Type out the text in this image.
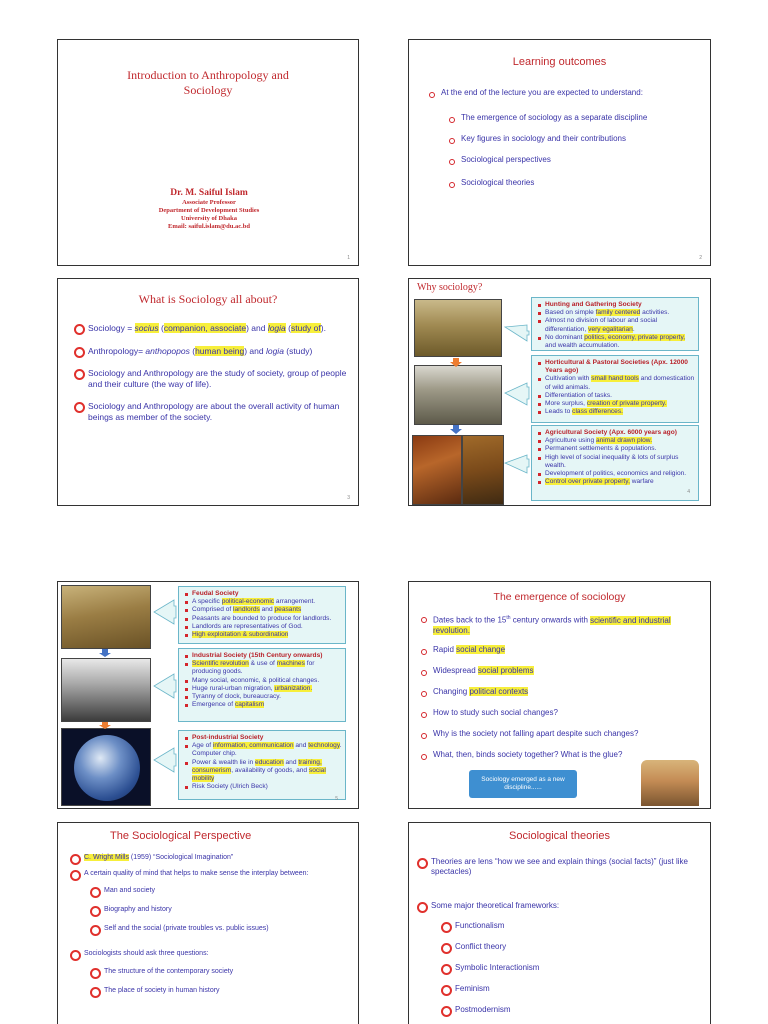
Introduction to Anthropology and Sociology
Dr. M. Saiful Islam
Associate Professor
Department of Development Studies
University of Dhaka
Email: saiful.islam@du.ac.bd
1
Learning outcomes
At the end of the lecture you are expected to understand:
The emergence of sociology as a separate discipline
Key figures in sociology and their contributions
Sociological perspectives
Sociological theories
2
What is Sociology all about?
Sociology = socius (companion, associate) and logia (study of).
Anthropology= anthopopos (human being) and logia (study)
Sociology and Anthropology are the study of society, group of people and their culture (the way of life).
Sociology and Anthropology are about the overall activity of human beings as member of the society.
3
Why sociology?
Hunting and Gathering Society
Based on simple family centered activities.
Almost no division of labour and social differentiation, very egalitarian.
No dominant politics, economy, private property, and wealth accumulation.
Horticultural & Pastoral Societies (Apx. 12000 Years ago)
Cultivation with small hand tools and domestication of wild animals.
Differentiation of tasks.
More surplus, creation of private property.
Leads to class differences.
Agricultural Society (Apx. 6000 years ago)
Agriculture using animal drawn plow.
Permanent settlements & populations.
High level of social inequality & lots of surplus wealth.
Development of politics, economics and religion.
Control over private property, warfare
4
Feudal Society
A specific political-economic arrangement.
Comprised of landlords and peasants
Peasants are bounded to produce for landlords.
Landlords are representatives of God.
High exploitation & subordination
Industrial Society (15th Century onwards)
Scientific revolution & use of machines for producing goods.
Many social, economic, & political changes.
Huge rural-urban migration, urbanization.
Tyranny of clock, bureaucracy.
Emergence of capitalism
Post-industrial Society
Age of information, communication and technology. Computer chip.
Power & wealth lie in education and training, consumerism, availability of goods, and social mobility
Risk Society (Ulrich Beck)
5
The emergence of sociology
Dates back to the 15th century onwards with scientific and industrial revolution.
Rapid social change
Widespread social problems
Changing political contexts
How to study such social changes?
Why is the society not falling apart despite such changes?
What, then, binds society together? What is the glue?
Sociology emerged as a new discipline......
The Sociological Perspective
C. Wright Mills (1959) “Sociological Imagination”
A certain quality of mind that helps to make sense the interplay between:
Man and society
Biography and history
Self and the social (private troubles vs. public issues)
Sociologists should ask three questions:
The structure of the contemporary society
The place of society in human history
Sociological theories
Theories are lens “how we see and explain things (social facts)” (just like spectacles)
Some major theoretical frameworks:
Functionalism
Conflict theory
Symbolic Interactionism
Feminism
Postmodernism
